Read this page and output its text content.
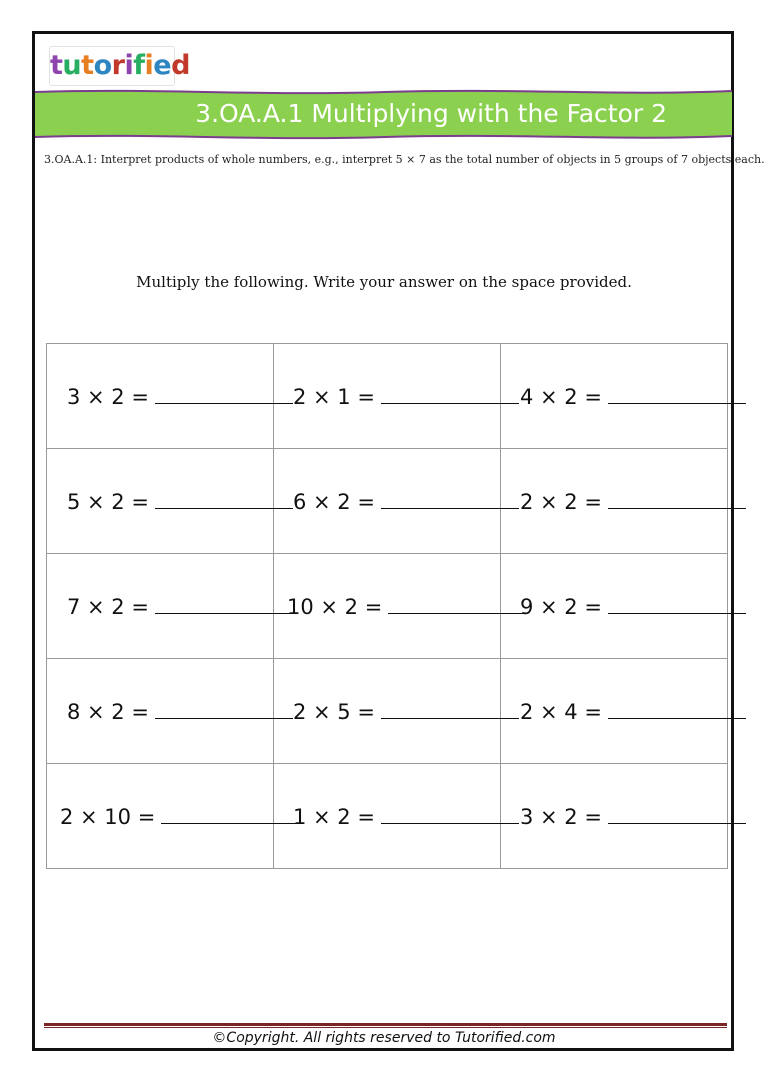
tutorified
3.OA.A.1 Multiplying with the Factor 2
3.OA.A.1: Interpret products of whole numbers, e.g., interpret 5 × 7 as the total number of objects in 5 groups of 7 objects each.
Multiply the following. Write your answer on the space provided.
3 × 2 =	2 × 1 =	4 × 2 =

5 × 2 =	6 × 2 =	2 × 2 =

7 × 2 =	10 × 2 =	9 × 2 =

8 × 2 =	2 × 5 =	2 × 4 =

2 × 10 =	1 × 2 =	3 × 2 =
©Copyright. All rights reserved to Tutorified.com
